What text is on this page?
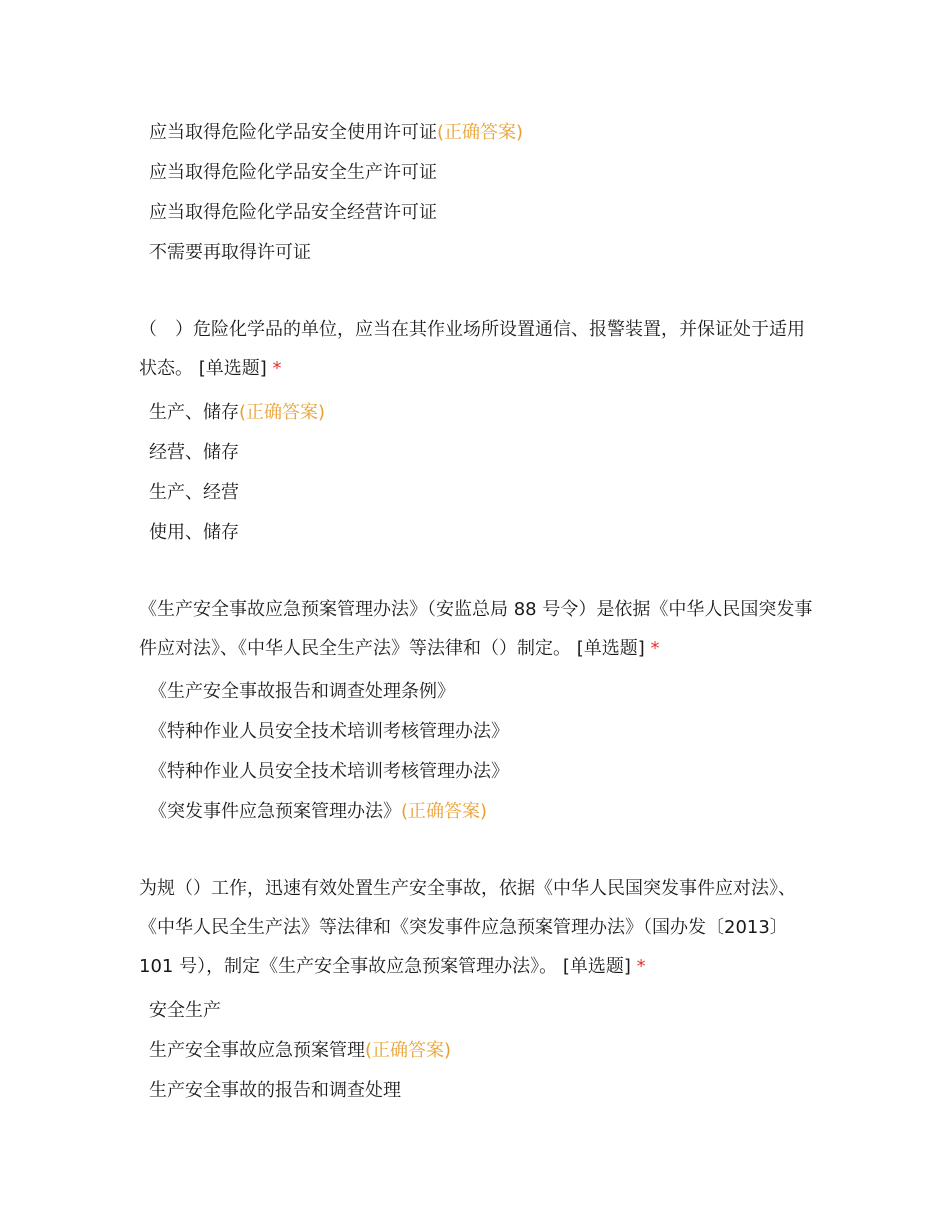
应当取得危险化学品安全使用许可证(正确答案)
应当取得危险化学品安全生产许可证
应当取得危险化学品安全经营许可证
不需要再取得许可证
（　）危险化学品的单位，应当在其作业场所设置通信、报警装置，并保证处于适用状态。 [单选题] *
生产、储存(正确答案)
经营、储存
生产、经营
使用、储存
《生产安全事故应急预案管理办法》（安监总局 88 号令）是依据《中华人民国突发事件应对法》、《中华人民全生产法》等法律和（）制定。 [单选题] *
《生产安全事故报告和调查处理条例》
《特种作业人员安全技术培训考核管理办法》
《特种作业人员安全技术培训考核管理办法》
《突发事件应急预案管理办法》(正确答案)
为规（）工作，迅速有效处置生产安全事故，依据《中华人民国突发事件应对法》、《中华人民全生产法》等法律和《突发事件应急预案管理办法》（国办发〔2013〕101 号），制定《生产安全事故应急预案管理办法》。 [单选题] *
安全生产
生产安全事故应急预案管理(正确答案)
生产安全事故的报告和调查处理
